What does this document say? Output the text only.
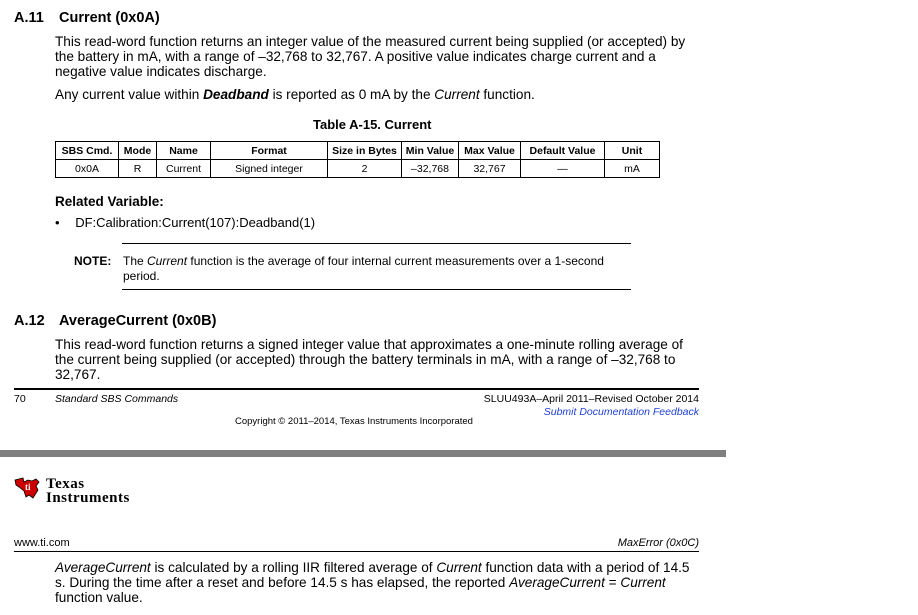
A.11 Current (0x0A)
This read-word function returns an integer value of the measured current being supplied (or accepted) by the battery in mA, with a range of –32,768 to 32,767. A positive value indicates charge current and a negative value indicates discharge.
Any current value within Deadband is reported as 0 mA by the Current function.
Table A-15. Current
SBS Cmd.	Mode	Name	Format	Size in Bytes	Min Value	Max Value	Default Value	Unit
0x0A	R	Current	Signed integer	2	–32,768	32,767	—	mA
Related Variable:
• DF:Calibration:Current(107):Deadband(1)
NOTE: The Current function is the average of four internal current measurements over a 1-second period.
A.12 AverageCurrent (0x0B)
This read-word function returns a signed integer value that approximates a one-minute rolling average of the current being supplied (or accepted) through the battery terminals in mA, with a range of –32,768 to 32,767.
70	Standard SBS Commands	SLUU493A–April 2011–Revised October 2014
Submit Documentation Feedback
Copyright © 2011–2014, Texas Instruments Incorporated
ti Texas
Instruments
www.ti.com	MaxError (0x0C)
AverageCurrent is calculated by a rolling IIR filtered average of Current function data with a period of 14.5 s. During the time after a reset and before 14.5 s has elapsed, the reported AverageCurrent = Current function value.
